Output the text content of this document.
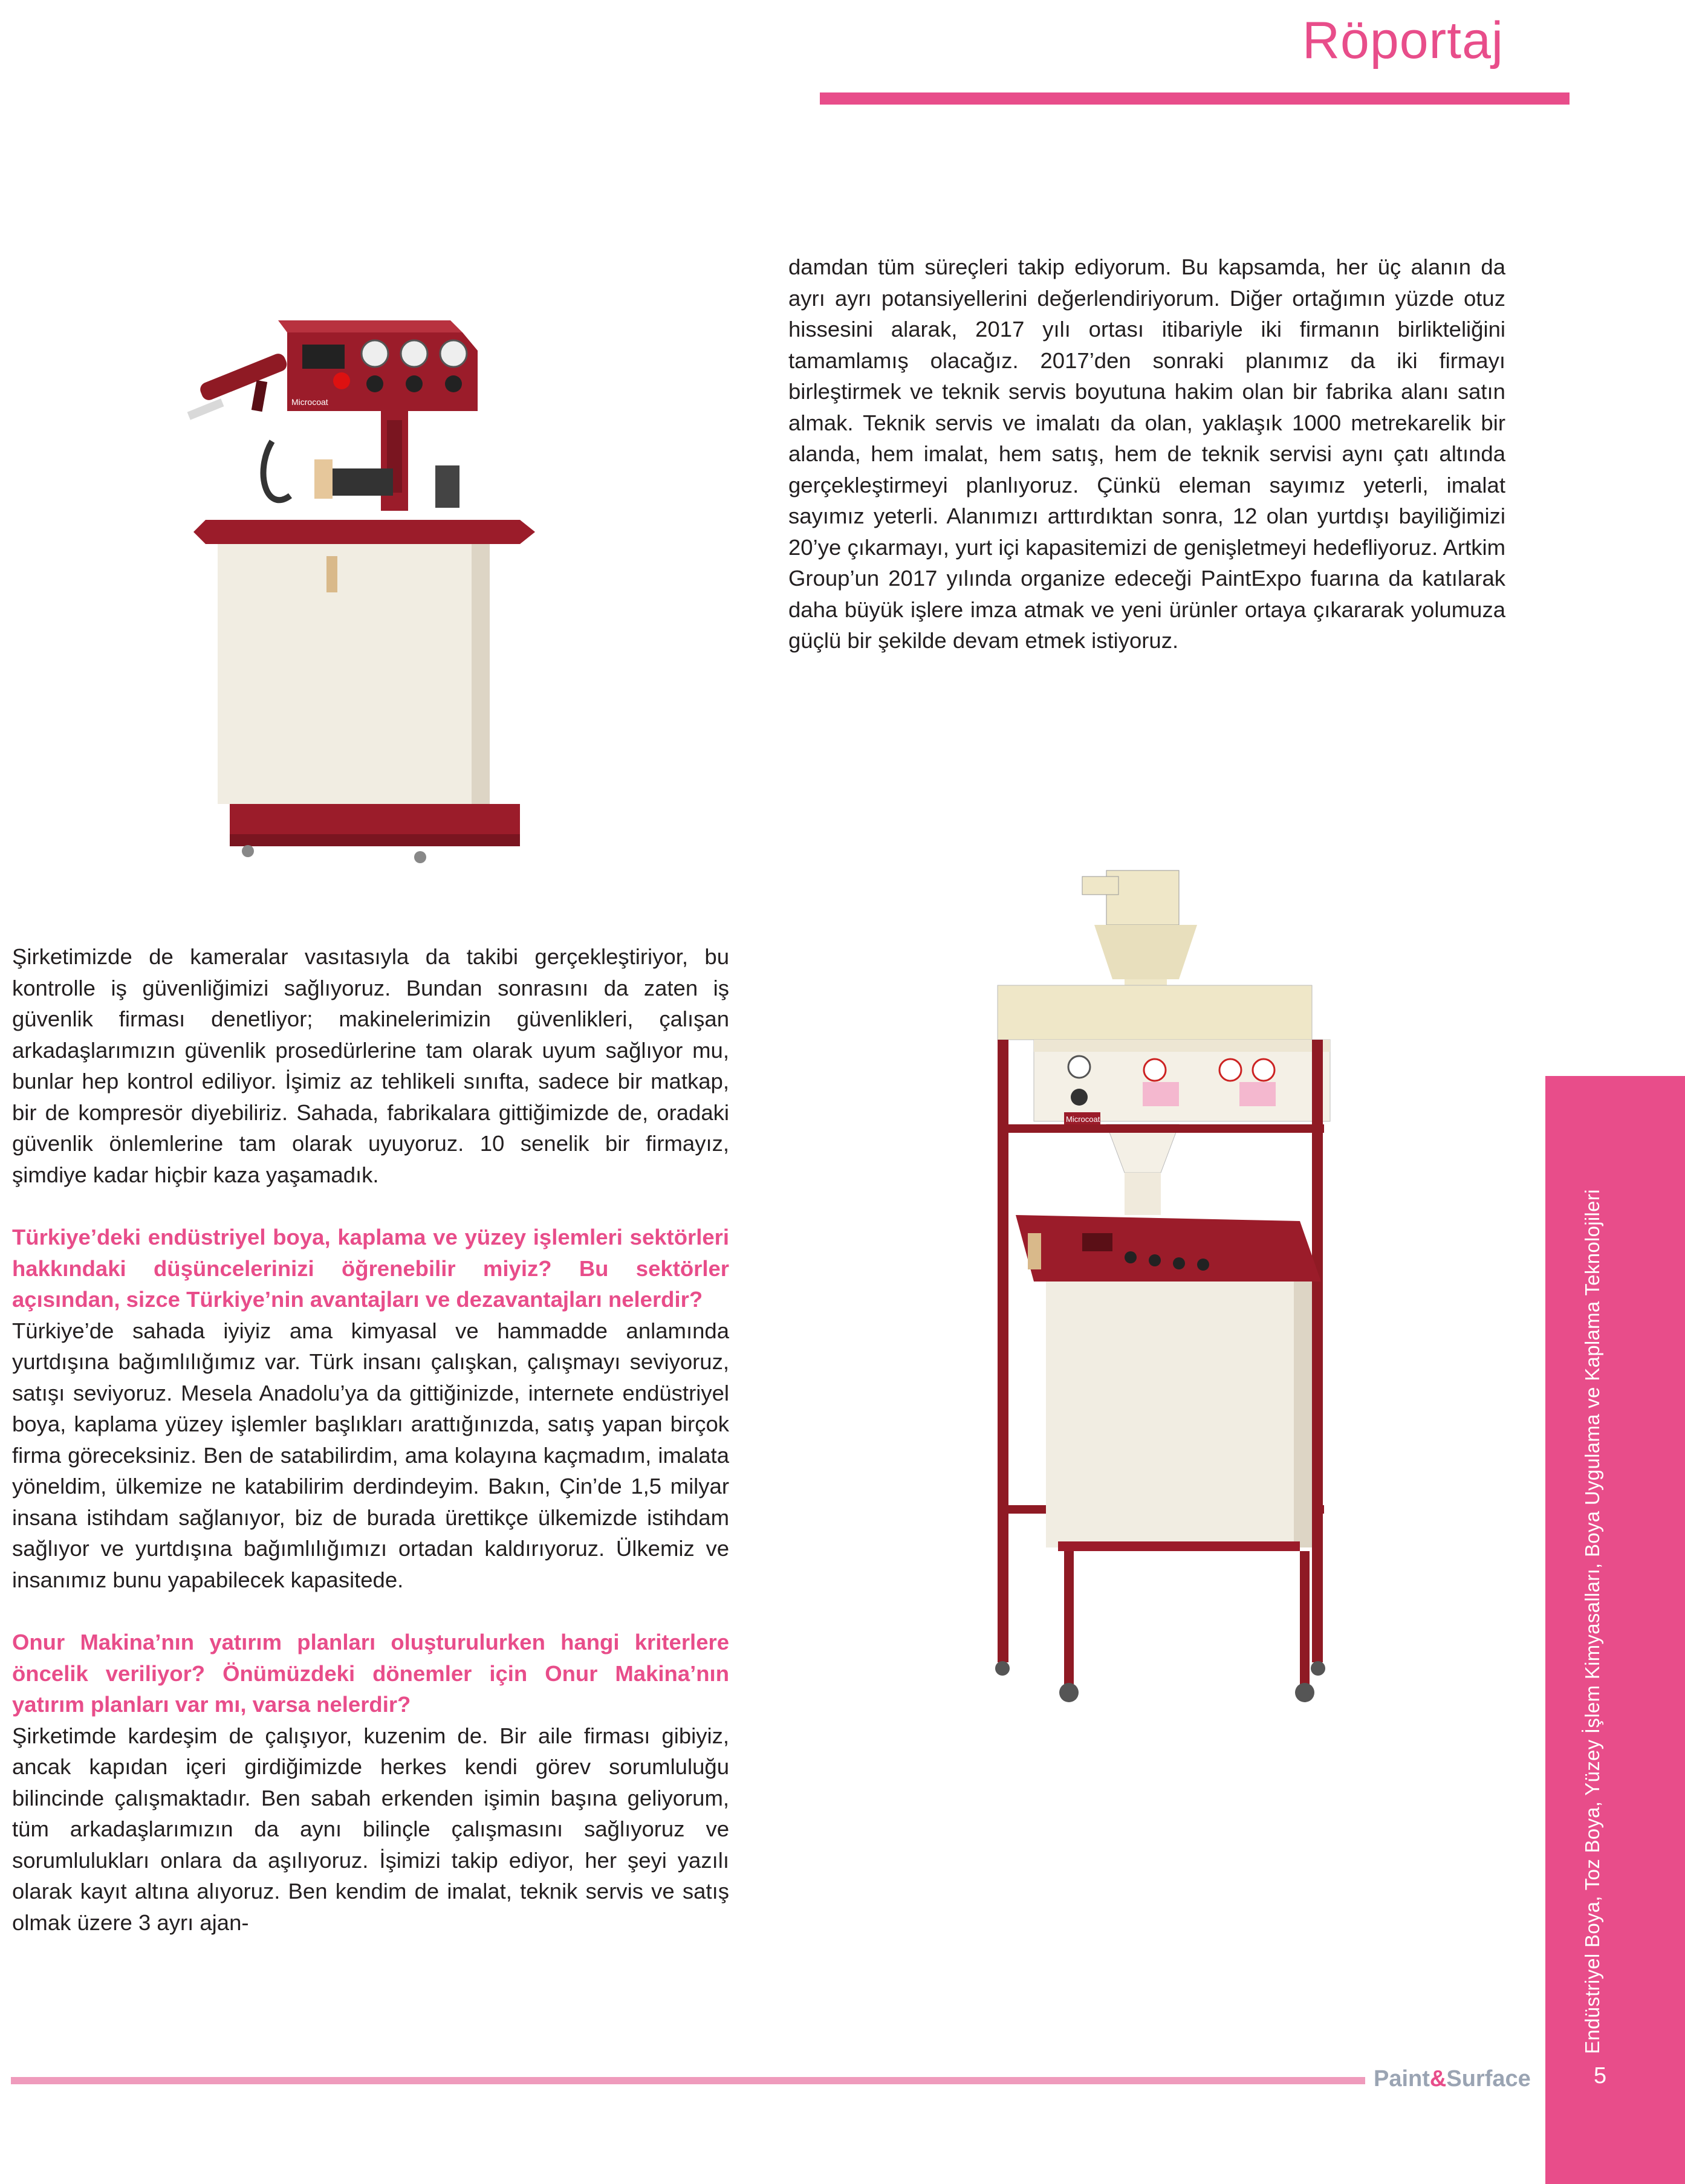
Röportaj
Microcoat
Microcoat

damdan tüm süreçleri takip ediyorum. Bu kapsamda, her üç alanın da ayrı ayrı potansiyellerini değerlendiriyorum. Diğer ortağımın yüzde otuz hissesini alarak, 2017 yılı ortası itibariyle iki firmanın birlikteliğini tamamlamış olacağız. 2017’den sonraki planımız da iki firmayı birleştirmek ve teknik servis boyutuna hakim olan bir fabrika alanı satın almak. Teknik servis ve imalatı da olan, yaklaşık 1000 metrekarelik bir alanda, hem imalat, hem satış, hem de teknik servisi aynı çatı altında gerçekleştirmeyi planlıyoruz. Çünkü eleman sayımız yeterli, imalat sayımız yeterli. Alanımızı arttırdıktan sonra, 12 olan yurtdışı bayiliğimizi 20’ye çıkarmayı, yurt içi kapasitemizi de genişletmeyi hedefliyoruz. Artkim Group’un 2017 yılında organize edeceği PaintExpo fuarına da katılarak daha büyük işlere imza atmak ve yeni ürünler ortaya çıkararak yolumuza güçlü bir şekilde devam etmek istiyoruz.

Şirketimizde de kameralar vasıtasıyla da takibi gerçekleştiriyor, bu kontrolle iş güvenliğimizi sağlıyoruz. Bundan sonrasını da zaten iş güvenlik firması denetliyor; makinelerimizin güvenlikleri, çalışan arkadaşlarımızın güvenlik prosedürlerine tam olarak uyum sağlıyor mu, bunlar hep kontrol ediliyor. İşimiz az tehlikeli sınıfta, sadece bir matkap, bir de kompresör diyebiliriz. Sahada, fabrikalara gittiğimizde de, oradaki güvenlik önlemlerine tam olarak uyuyoruz. 10 senelik bir firmayız, şimdiye kadar hiçbir kaza yaşamadık.

Türkiye’deki endüstriyel boya, kaplama ve yüzey işlemleri sektörleri hakkındaki düşüncelerinizi öğrenebilir miyiz? Bu sektörler açısından, sizce Türkiye’nin avantajları ve dezavantajları nelerdir?

Türkiye’de sahada iyiyiz ama kimyasal ve hammadde anlamında yurtdışına bağımlılığımız var. Türk insanı çalışkan, çalışmayı seviyoruz, satışı seviyoruz. Mesela Anadolu’ya da gittiğinizde, internete endüstriyel boya, kaplama yüzey işlemler başlıkları arattığınızda, satış yapan birçok firma göreceksiniz. Ben de satabilirdim, ama kolayına kaçmadım, imalata yöneldim, ülkemize ne katabilirim derdindeyim. Bakın, Çin’de 1,5 milyar insana istihdam sağlanıyor, biz de burada ürettikçe ülkemizde istihdam sağlıyor ve yurtdışına bağımlılığımızı ortadan kaldırıyoruz. Ülkemiz ve insanımız bunu yapabilecek kapasitede.

Onur Makina’nın yatırım planları oluşturulurken hangi kriterlere öncelik veriliyor? Önümüzdeki dönemler için Onur Makina’nın yatırım planları var mı, varsa nelerdir?

Şirketimde kardeşim de çalışıyor, kuzenim de. Bir aile firması gibiyiz, ancak kapıdan içeri girdiğimizde herkes kendi görev sorumluluğu bilincinde çalışmaktadır. Ben sabah erkenden işimin başına geliyorum, tüm arkadaşlarımızın da aynı bilinçle çalışmasını sağlıyoruz ve sorumlulukları onlara da aşılıyoruz. İşimizi takip ediyor, her şeyi yazılı olarak kayıt altına alıyoruz. Ben kendim de imalat, teknik servis ve satış olmak üzere 3 ayrı ajan-	Endüstriyel Boya, Toz Boya, Yüzey İşlem Kimyasalları, Boya Uygulama ve Kaplama Teknolojileri
5
Paint&Surface
